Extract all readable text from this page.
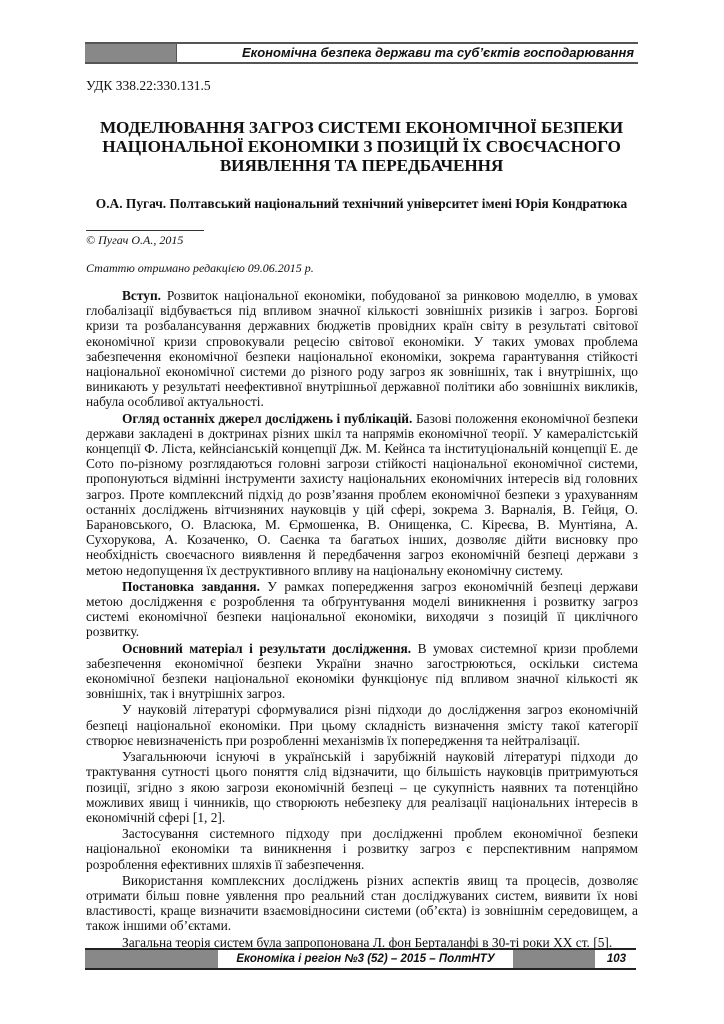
Економічна безпека держави та суб’єктів господарювання
УДК 338.22:330.131.5
МОДЕЛЮВАННЯ ЗАГРОЗ СИСТЕМІ ЕКОНОМІЧНОЇ БЕЗПЕКИ
НАЦІОНАЛЬНОЇ ЕКОНОМІКИ З ПОЗИЦІЙ ЇХ СВОЄЧАСНОГО
ВИЯВЛЕННЯ ТА ПЕРЕДБАЧЕННЯ
О.А. Пугач. Полтавський національний технічний університет імені Юрія Кондратюка
© Пугач О.А., 2015
Статтю отримано редакцією 09.06.2015 р.

Вступ. Розвиток національної економіки, побудованої за ринковою моделлю, в умовах глобалізації відбувається під впливом значної кількості зовнішніх ризиків і загроз. Боргові кризи та розбалансування державних бюджетів провідних країн світу в результаті світової економічної кризи спровокували рецесію світової економіки. У таких умовах проблема забезпечення економічної безпеки національної економіки, зокрема гарантування стійкості національної економічної системи до різного роду загроз як зовнішніх, так і внутрішніх, що виникають у результаті неефективної внутрішньої державної політики або зовнішніх викликів, набула особливої актуальності.

Огляд останніх джерел досліджень і публікацій. Базові положення економічної безпеки держави закладені в доктринах різних шкіл та напрямів економічної теорії. У камералістській концепції Ф. Ліста, кейнсіанській концепції Дж. М. Кейнса та інституціональній концепції Е. де Сото по-різному розглядаються головні загрози стійкості національної економічної системи, пропонуються відмінні інструменти захисту національних економічних інтересів від головних загроз. Проте комплексний підхід до розв’язання проблем економічної безпеки з урахуванням останніх досліджень вітчизняних науковців у цій сфері, зокрема З. Варналія, В. Гейця, О. Барановського, О. Власюка, М. Єрмошенка, В. Онищенка, С. Кіреєва, В. Мунтіяна, А. Сухорукова, А. Козаченко, О. Саєнка та багатьох інших, дозволяє дійти висновку про необхідність своєчасного виявлення й передбачення загроз економічній безпеці держави з метою недопущення їх деструктивного впливу на національну економічну систему.

Постановка завдання. У рамках попередження загроз економічній безпеці держави метою дослідження є розроблення та обґрунтування моделі виникнення і розвитку загроз системі економічної безпеки національної економіки, виходячи з позицій її циклічного розвитку.

Основний матеріал і результати дослідження. В умовах системної кризи проблеми забезпечення економічної безпеки України значно загострюються, оскільки система економічної безпеки національної економіки функціонує під впливом значної кількості як зовнішніх, так і внутрішніх загроз.

У науковій літературі сформувалися різні підходи до дослідження загроз економічній безпеці національної економіки. При цьому складність визначення змісту такої категорії створює невизначеність при розробленні механізмів їх попередження та нейтралізації.

Узагальнюючи існуючі в українській і зарубіжній науковій літературі підходи до трактування сутності цього поняття слід відзначити, що більшість науковців притримуються позиції, згідно з якою загрози економічній безпеці – це сукупність наявних та потенційно можливих явищ і чинників, що створюють небезпеку для реалізації національних інтересів в економічній сфері [1, 2].

Застосування системного підходу при дослідженні проблем економічної безпеки національної економіки та виникнення і розвитку загроз є перспективним напрямом розроблення ефективних шляхів її забезпечення.

Використання комплексних досліджень різних аспектів явищ та процесів, дозволяє отримати більш повне уявлення про реальний стан досліджуваних систем, виявити їх нові властивості, краще визначити взаємовідносини системи (об’єкта) із зовнішнім середовищем, а також іншими об’єктами.

Загальна теорія систем була запропонована Л. фон Берталанфі в 30-ті роки XX ст. [5].

Економіка і регіон №3 (52) – 2015 – ПолтНТУ	103
